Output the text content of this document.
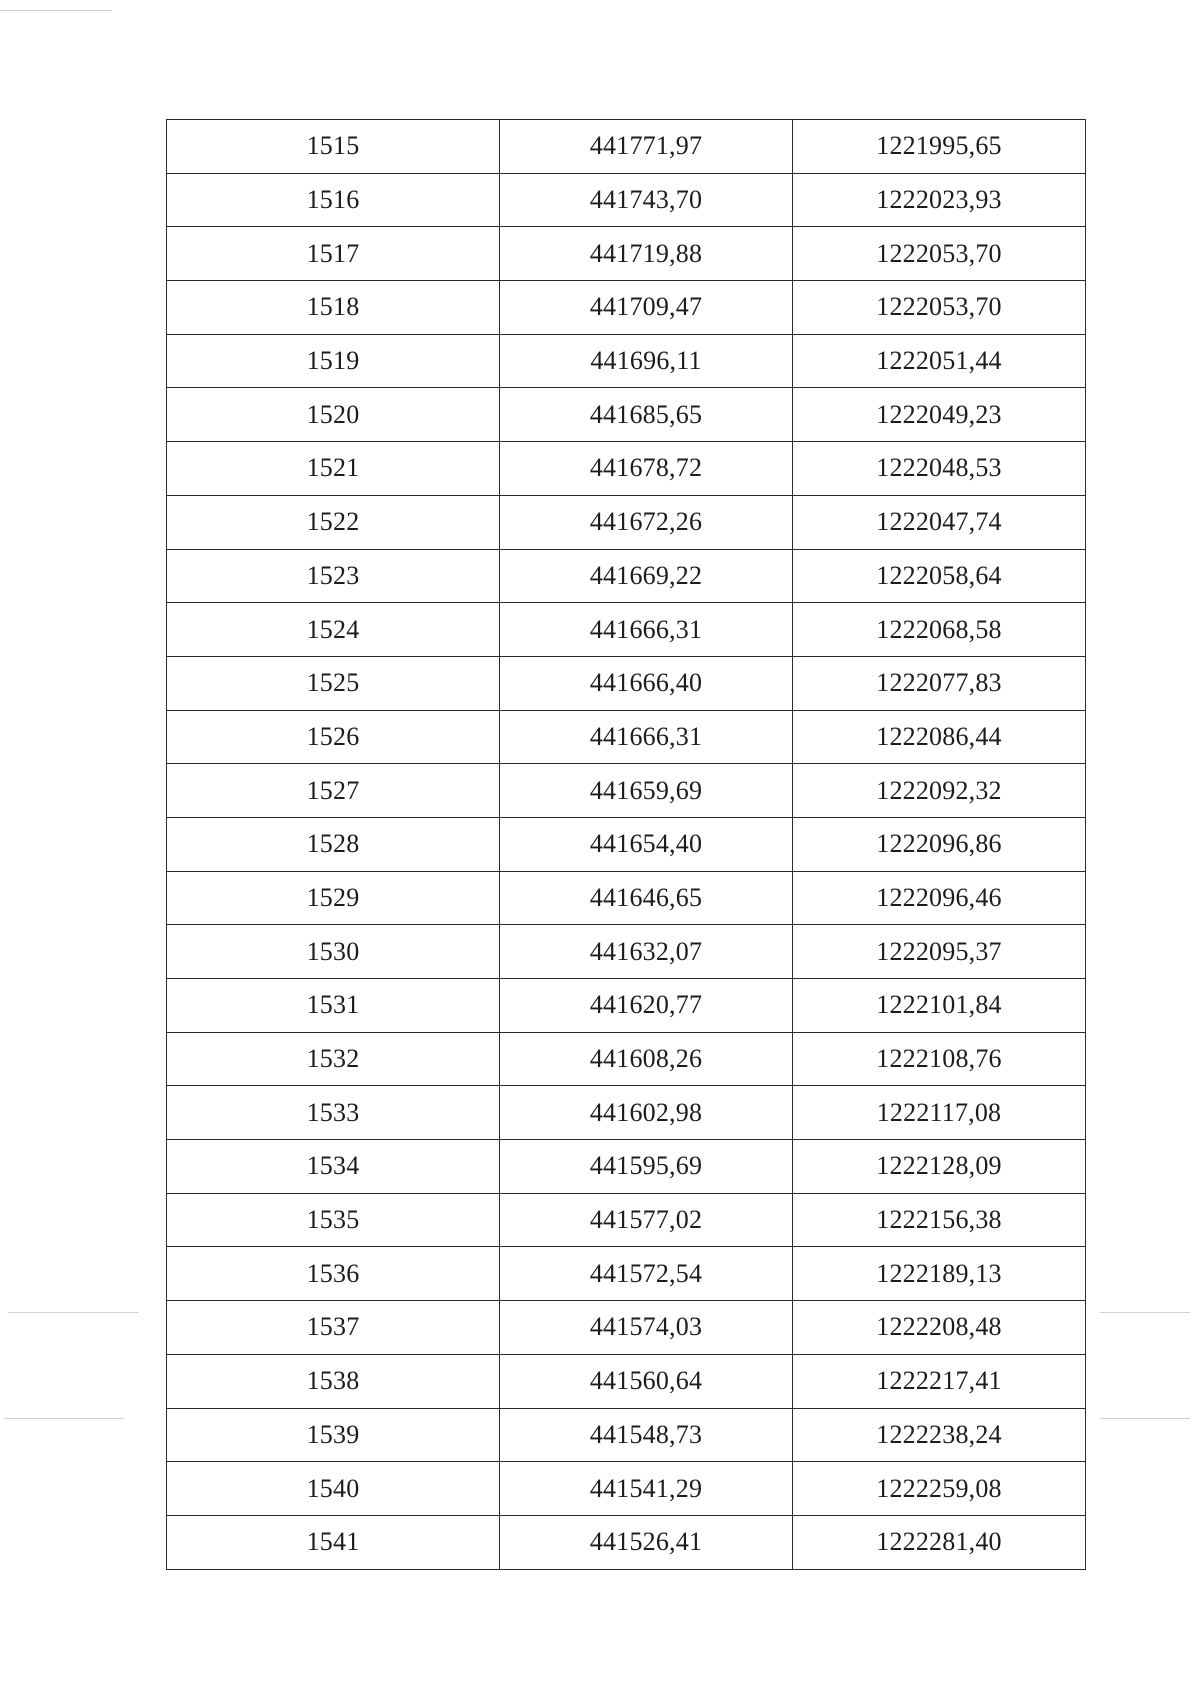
1515	441771,97	1221995,65
1516	441743,70	1222023,93
1517	441719,88	1222053,70
1518	441709,47	1222053,70
1519	441696,11	1222051,44
1520	441685,65	1222049,23
1521	441678,72	1222048,53
1522	441672,26	1222047,74
1523	441669,22	1222058,64
1524	441666,31	1222068,58
1525	441666,40	1222077,83
1526	441666,31	1222086,44
1527	441659,69	1222092,32
1528	441654,40	1222096,86
1529	441646,65	1222096,46
1530	441632,07	1222095,37
1531	441620,77	1222101,84
1532	441608,26	1222108,76
1533	441602,98	1222117,08
1534	441595,69	1222128,09
1535	441577,02	1222156,38
1536	441572,54	1222189,13
1537	441574,03	1222208,48
1538	441560,64	1222217,41
1539	441548,73	1222238,24
1540	441541,29	1222259,08
1541	441526,41	1222281,40
